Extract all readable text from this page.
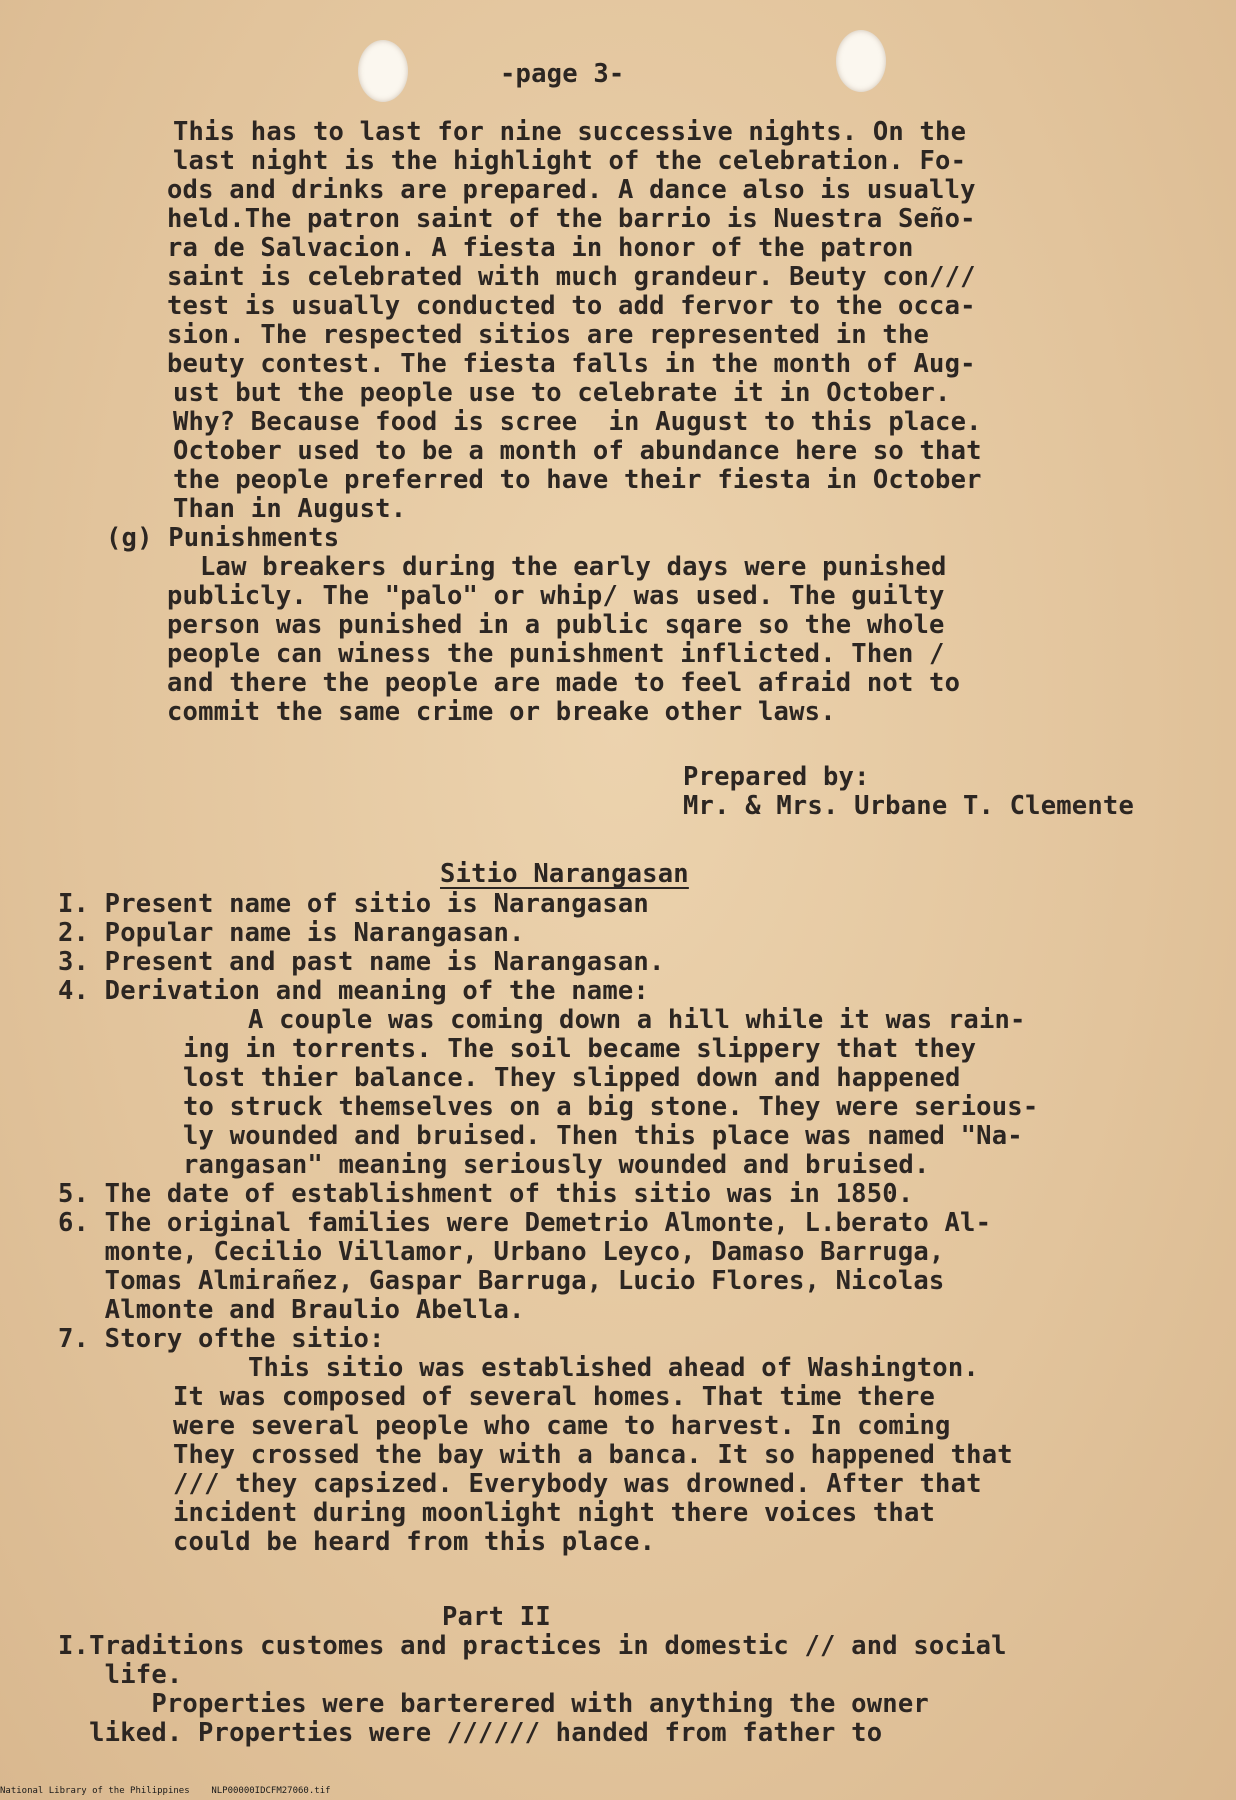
-page 3-
This has to last for nine successive nights. On the
last night is the highlight of the celebration. Fo-
ods and drinks are prepared. A dance also is usually
held.The patron saint of the barrio is Nuestra Seño-
ra de Salvacion. A fiesta in honor of the patron
saint is celebrated with much grandeur. Beuty con///
test is usually conducted to add fervor to the occa-
sion. The respected sitios are represented in the
beuty contest. The fiesta falls in the month of Aug-
ust but the people use to celebrate it in October.
Why? Because food is scree  in August to this place.
October used to be a month of abundance here so that
the people preferred to have their fiesta in October
Than in August.
(g) Punishments
Law breakers during the early days were punished
publicly. The "palo" or whip/ was used. The guilty
person was punished in a public sqare so the whole
people can winess the punishment inflicted. Then /
and there the people are made to feel afraid not to
commit the same crime or breake other laws.
Prepared by:
Mr. & Mrs. Urbane T. Clemente
Sitio Narangasan
I. Present name of sitio is Narangasan
2. Popular name is Narangasan.
3. Present and past name is Narangasan.
4. Derivation and meaning of the name:
A couple was coming down a hill while it was rain-
ing in torrents. The soil became slippery that they
lost thier balance. They slipped down and happened
to struck themselves on a big stone. They were serious-
ly wounded and bruised. Then this place was named "Na-
rangasan" meaning seriously wounded and bruised.
5. The date of establishment of this sitio was in 1850.
6. The original families were Demetrio Almonte, L.berato Al-
monte, Cecilio Villamor, Urbano Leyco, Damaso Barruga,
Tomas Almirañez, Gaspar Barruga, Lucio Flores, Nicolas
Almonte and Braulio Abella.
7. Story ofthe sitio:
This sitio was established ahead of Washington.
It was composed of several homes. That time there
were several people who came to harvest. In coming
They crossed the bay with a banca. It so happened that
/// they capsized. Everybody was drowned. After that
incident during moonlight night there voices that
could be heard from this place.
Part II
I.Traditions customes and practices in domestic // and social
life.
Properties were barterered with anything the owner
liked. Properties were ////// handed from father to
National Library of the Philippines    NLP00000IDCFM27060.tif
